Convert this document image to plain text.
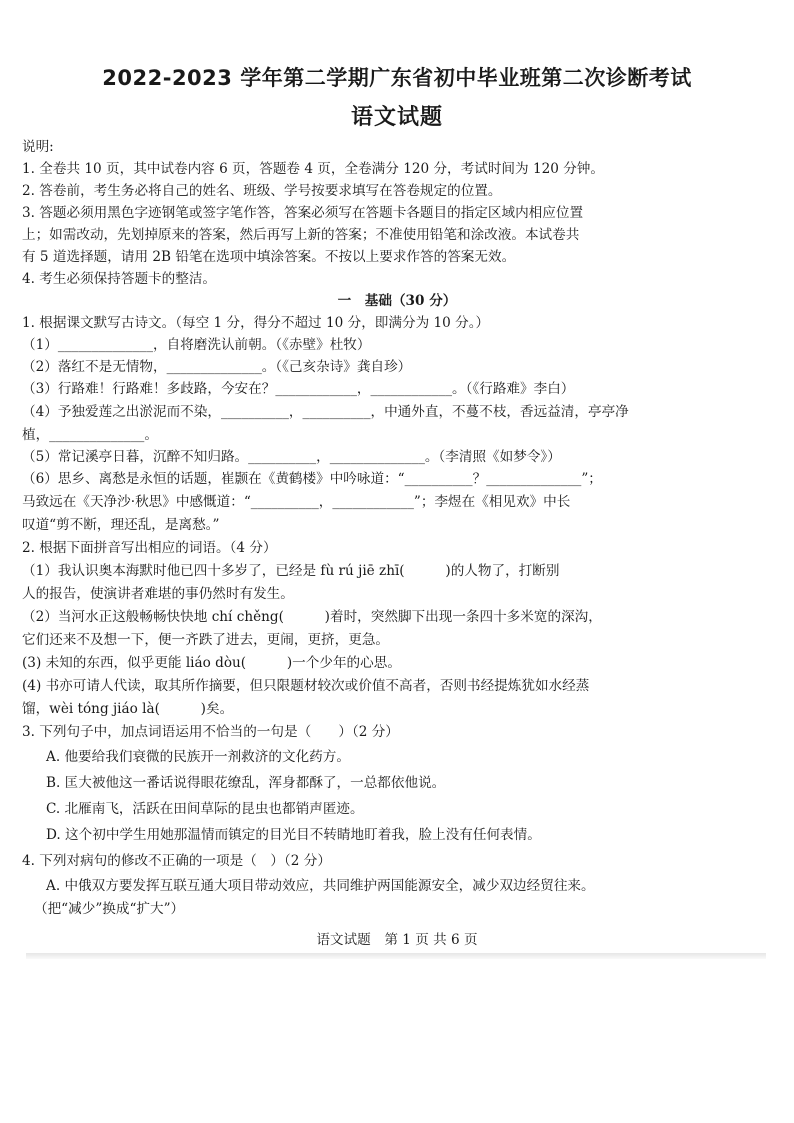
2022-2023 学年第二学期广东省初中毕业班第二次诊断考试
语文试题
说明:
1. 全卷共 10 页，其中试卷内容 6 页，答题卷 4 页，全卷满分 120 分，考试时间为 120 分钟。
2. 答卷前，考生务必将自己的姓名、班级、学号按要求填写在答卷规定的位置。
3. 答题必须用黑色字迹钢笔或签字笔作答，答案必须写在答题卡各题目的指定区域内相应位置
上；如需改动，先划掉原来的答案，然后再写上新的答案；不准使用铅笔和涂改液。本试卷共
有 5 道选择题，请用 2B 铅笔在选项中填涂答案。不按以上要求作答的答案无效。
4. 考生必须保持答题卡的整洁。
一　基础（30 分）
1. 根据课文默写古诗文。（每空 1 分，得分不超过 10 分，即满分为 10 分。）
（1）______________，自将磨洗认前朝。（《赤壁》杜牧）
（2）落红不是无情物，______________。（《己亥杂诗》龚自珍）
（3）行路难！行路难！多歧路，今安在？____________，____________。（《行路难》李白）
（4）予独爱莲之出淤泥而不染，__________，__________，中通外直，不蔓不枝，香远益清，亭亭净
植，______________。
（5）常记溪亭日暮，沉醉不知归路。__________，______________。（李清照《如梦令》）
（6）思乡、离愁是永恒的话题，崔颢在《黄鹤楼》中吟咏道：“__________？______________”；
马致远在《天净沙·秋思》中感慨道：“__________，____________”；李煜在《相见欢》中长
叹道“剪不断，理还乱，是离愁。”
2. 根据下面拼音写出相应的词语。（4 分）
（1）我认识奥本海默时他已四十多岁了，已经是 fù rú jiē zhī(　　　)的人物了，打断别
人的报告，使演讲者难堪的事仍然时有发生。
（2）当河水正这般畅畅快快地 chí chěng(　　　)着时，突然脚下出现一条四十多米宽的深沟，
它们还来不及想一下，便一齐跌了进去，更闹，更挤，更急。
(3) 未知的东西，似乎更能 liáo dòu(　　　)一个少年的心思。
(4) 书亦可请人代读，取其所作摘要，但只限题材较次或价值不高者，否则书经提炼犹如水经蒸
馏，wèi tóng jiáo là(　　　)矣。
3. 下列句子中，加点词语运用不恰当的一句是（　　）（2 分）
A. 他要给我们衰微的民族开一剂救济的文化药方。
B. 匡大被他这一番话说得眼花缭乱，浑身都酥了，一总都依他说。
C. 北雁南飞，活跃在田间草际的昆虫也都销声匿迹。
D. 这个初中学生用她那温情而镇定的目光目不转睛地盯着我，脸上没有任何表情。
4. 下列对病句的修改不正确的一项是（　）（2 分）
A. 中俄双方要发挥互联互通大项目带动效应，共同维护两国能源安全，减少双边经贸往来。
（把“减少”换成“扩大”）
语文试题　第 1 页 共 6 页
